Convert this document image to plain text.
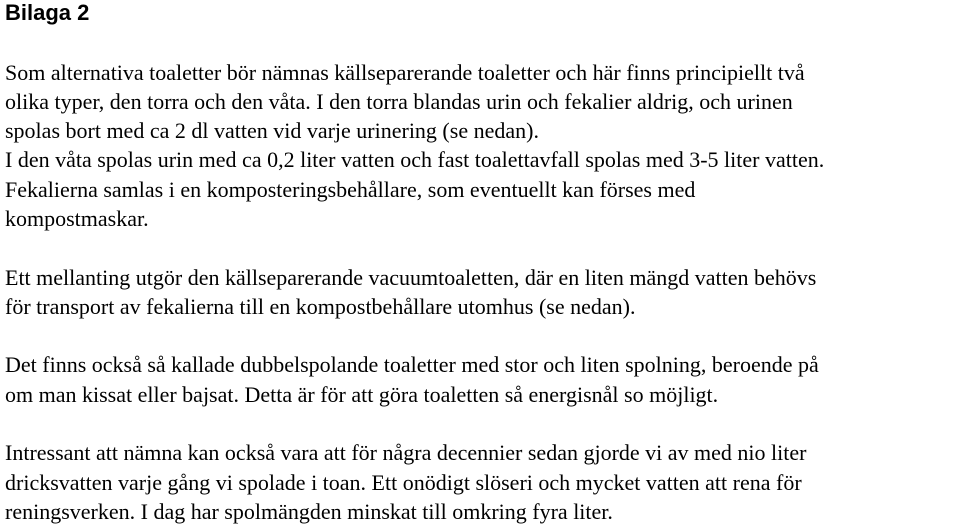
Bilaga 2
Som alternativa toaletter bör nämnas källseparerande toaletter och här finns principiellt två
olika typer, den torra och den våta. I den torra blandas urin och fekalier aldrig, och urinen
spolas bort med ca 2 dl vatten vid varje urinering (se nedan).
I den våta spolas urin med ca 0,2 liter vatten och fast toalettavfall spolas med 3-5 liter vatten.
Fekalierna samlas i en komposteringsbehållare, som eventuellt kan förses med
kompostmaskar.
Ett mellanting utgör den källseparerande vacuumtoaletten, där en liten mängd vatten behövs
för transport av fekalierna till en kompostbehållare utomhus (se nedan).
Det finns också så kallade dubbelspolande toaletter med stor och liten spolning, beroende på
om man kissat eller bajsat. Detta är för att göra toaletten så energisnål so möjligt.
Intressant att nämna kan också vara att för några decennier sedan gjorde vi av med nio liter
dricksvatten varje gång vi spolade i toan. Ett onödigt slöseri och mycket vatten att rena för
reningsverken. I dag har spolmängden minskat till omkring fyra liter.
